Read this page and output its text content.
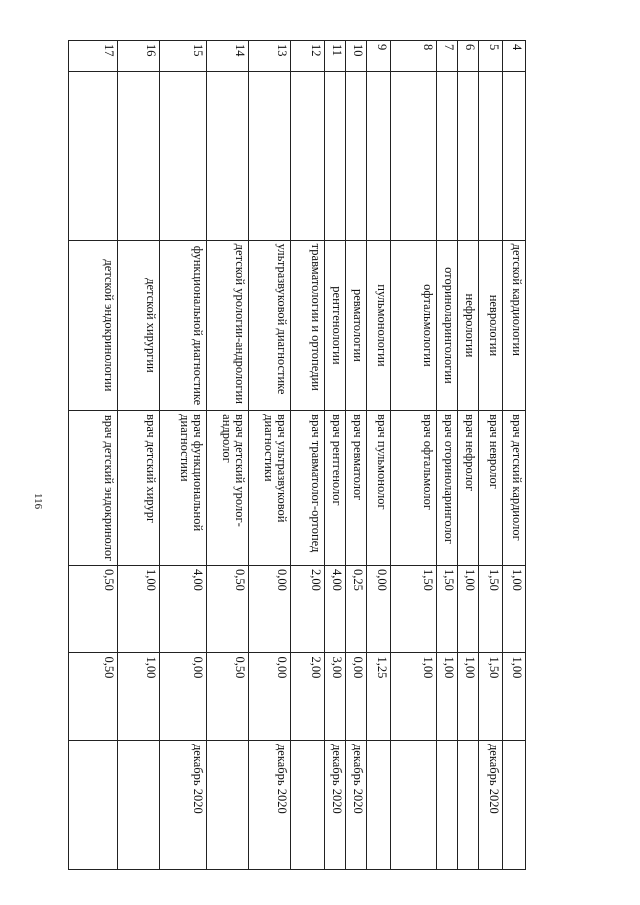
116
4		детской кардиологии	врач детский кардиолог	1,00	1,00	
5		неврологии	врач невролог	1,50	1,50	декабрь 2020
6		нефрологии	врач нефролог	1,00	1,00	
7		оториноларингологии	врач оториноларинголог	1,50	1,00	
8		офтальмологии	врач офтальмолог	1,50	1,00	
9		пульмонологии	врач пульмонолог	0,00	1,25	
10		ревматологии	врач ревматолог	0,25	0,00	декабрь 2020
11		рентгенологии	врач рентгенолог	4,00	3,00	декабрь 2020
12		травматологии и ортопедии	врач травматолог-ортопед	2,00	2,00	
13		ультразвуковой диагностике	врач ультразвуковой диагностики	0,00	0,00	декабрь 2020
14		детской урологии-андрологии	врач детский уролог-андролог	0,50	0,50	
15		функциональной диагностике	врач функциональной диагностики	4,00	0,00	декабрь 2020
16		детской хирургии	врач детский хирург	1,00	1,00	
17		детской эндокринологии	врач детский эндокринолог	0,50	0,50	
